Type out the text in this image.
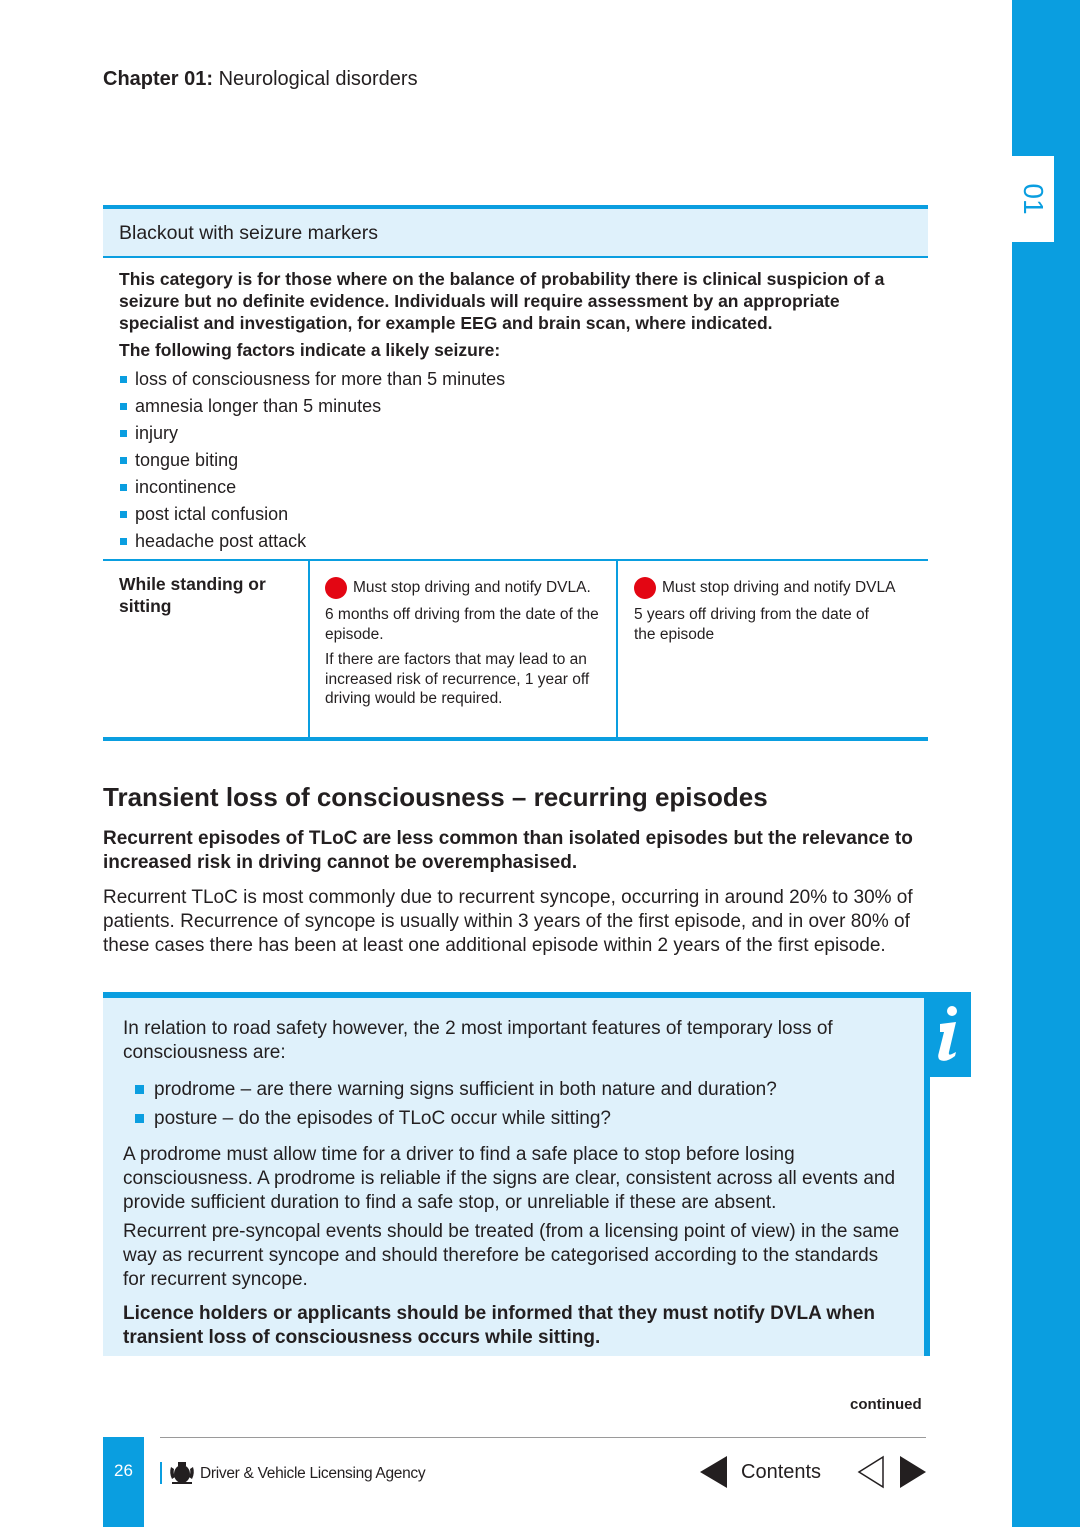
01
Chapter 01: Neurological disorders
Blackout with seizure markers

This category is for those where on the balance of probability there is clinical suspicion of a seizure but no definite evidence. Individuals will require assessment by an appropriate specialist and investigation, for example EEG and brain scan, where indicated.

The following factors indicate a likely seizure:

loss of consciousness for more than 5 minutes
amnesia longer than 5 minutes
injury
tongue biting
incontinence
post ictal confusion
headache post attack
While standing or sitting

Must stop driving and notify DVLA.

6 months off driving from the date of the episode.

If there are factors that may lead to an increased risk of recurrence, 1 year off driving would be required.

Must stop driving and notify DVLA

5 years off driving from the date of the episode

Transient loss of consciousness – recurring episodes

Recurrent episodes of TLoC are less common than isolated episodes but the relevance to increased risk in driving cannot be overemphasised.

Recurrent TLoC is most commonly due to recurrent syncope, occurring in around 20% to 30% of patients. Recurrence of syncope is usually within 3 years of the first episode, and in over 80% of these cases there has been at least one additional episode within 2 years of the first episode.

In relation to road safety however, the 2 most important features of temporary loss of consciousness are:

prodrome – are there warning signs sufficient in both nature and duration?
posture – do the episodes of TLoC occur while sitting?

A prodrome must allow time for a driver to find a safe place to stop before losing consciousness. A prodrome is reliable if the signs are clear, consistent across all events and provide sufficient duration to find a safe stop, or unreliable if these are absent.

Recurrent pre-syncopal events should be treated (from a licensing point of view) in the same way as recurrent syncope and should therefore be categorised according to the standards for recurrent syncope.

Licence holders or applicants should be informed that they must notify DVLA when transient loss of consciousness occurs while sitting.

continued
26	Driver & Vehicle Licensing Agency	Contents
